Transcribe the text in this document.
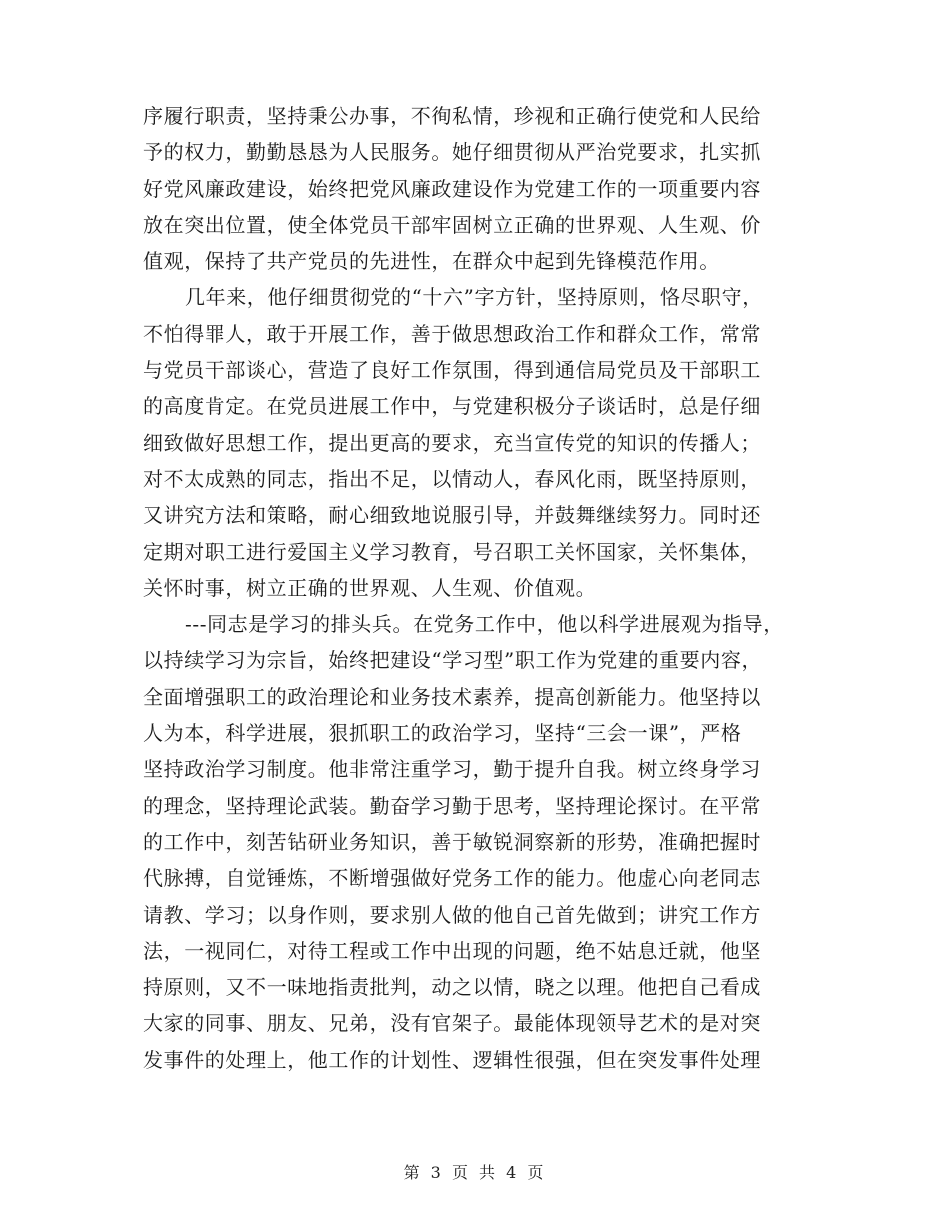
序履行职责，坚持秉公办事，不徇私情，珍视和正确行使党和人民给
予的权力，勤勤恳恳为人民服务。她仔细贯彻从严治党要求，扎实抓
好党风廉政建设，始终把党风廉政建设作为党建工作的一项重要内容
放在突出位置，使全体党员干部牢固树立正确的世界观、人生观、价
值观，保持了共产党员的先进性，在群众中起到先锋模范作用。
几年来，他仔细贯彻党的“十六”字方针，坚持原则，恪尽职守，
不怕得罪人，敢于开展工作，善于做思想政治工作和群众工作，常常
与党员干部谈心，营造了良好工作氛围，得到通信局党员及干部职工
的高度肯定。在党员进展工作中，与党建积极分子谈话时，总是仔细
细致做好思想工作，提出更高的要求，充当宣传党的知识的传播人；
对不太成熟的同志，指出不足，以情动人，春风化雨，既坚持原则，
又讲究方法和策略，耐心细致地说服引导，并鼓舞继续努力。同时还
定期对职工进行爱国主义学习教育，号召职工关怀国家，关怀集体，
关怀时事，树立正确的世界观、人生观、价值观。
---同志是学习的排头兵。在党务工作中，他以科学进展观为指导，
以持续学习为宗旨，始终把建设“学习型”职工作为党建的重要内容，
全面增强职工的政治理论和业务技术素养，提高创新能力。他坚持以
人为本，科学进展，狠抓职工的政治学习，坚持“三会一课”，严格
坚持政治学习制度。他非常注重学习，勤于提升自我。树立终身学习
的理念，坚持理论武装。勤奋学习勤于思考，坚持理论探讨。在平常
的工作中，刻苦钻研业务知识，善于敏锐洞察新的形势，准确把握时
代脉搏，自觉锤炼，不断增强做好党务工作的能力。他虚心向老同志
请教、学习；以身作则，要求别人做的他自己首先做到；讲究工作方
法，一视同仁，对待工程或工作中出现的问题，绝不姑息迁就，他坚
持原则，又不一味地指责批判，动之以情，晓之以理。他把自己看成
大家的同事、朋友、兄弟，没有官架子。最能体现领导艺术的是对突
发事件的处理上，他工作的计划性、逻辑性很强，但在突发事件处理
第 3 页 共 4 页
